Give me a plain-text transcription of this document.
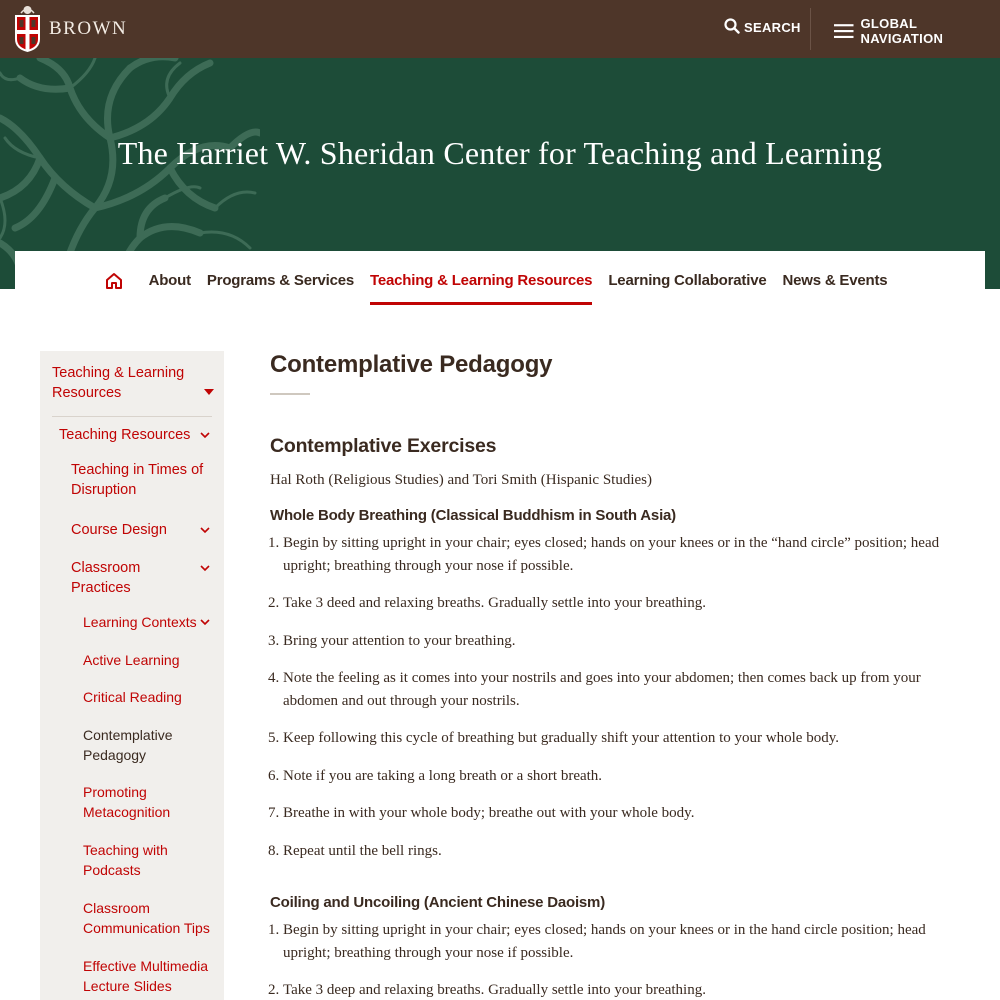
BROWN	SEARCH	GLOBAL NAVIGATION
The Harriet W. Sheridan Center for Teaching and Learning
About Programs & Services Teaching & Learning Resources Learning Collaborative News & Events
Teaching & Learning Resources
Teaching Resources
Teaching in Times of Disruption
Course Design
Classroom Practices
Learning Contexts
Active Learning
Critical Reading
Contemplative Pedagogy
Promoting Metacognition
Teaching with Podcasts
Classroom Communication Tips
Effective Multimedia Lecture Slides
Contemplative Pedagogy
Contemplative Exercises

Hal Roth (Religious Studies) and Tori Smith (Hispanic Studies)

Whole Body Breathing (Classical Buddhism in South Asia)
1. Begin by sitting upright in your chair; eyes closed; hands on your knees or in the “hand circle” position; head upright; breathing through your nose if possible.
2. Take 3 deed and relaxing breaths. Gradually settle into your breathing.
3. Bring your attention to your breathing.
4. Note the feeling as it comes into your nostrils and goes into your abdomen; then comes back up from your abdomen and out through your nostrils.
5. Keep following this cycle of breathing but gradually shift your attention to your whole body.
6. Note if you are taking a long breath or a short breath.
7. Breathe in with your whole body; breathe out with your whole body.
8. Repeat until the bell rings.
Coiling and Uncoiling (Ancient Chinese Daoism)
1. Begin by sitting upright in your chair; eyes closed; hands on your knees or in the hand circle position; head upright; breathing through your nose if possible.
2. Take 3 deep and relaxing breaths. Gradually settle into your breathing.
